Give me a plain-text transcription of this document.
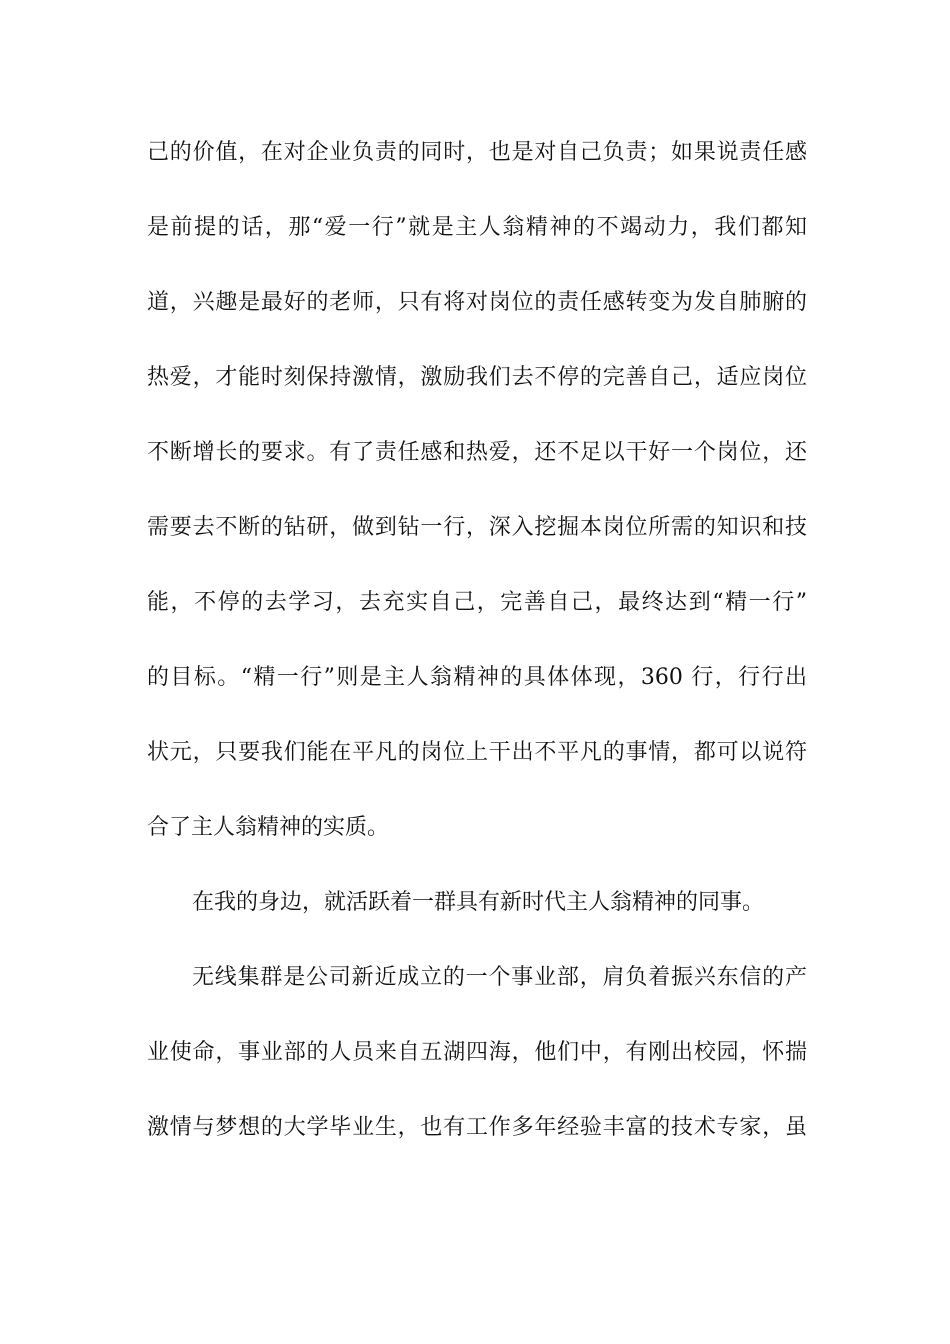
己的价值，在对企业负责的同时，也是对自己负责；如果说责任感
是前提的话，那“爱一行”就是主人翁精神的不竭动力，我们都知
道，兴趣是最好的老师，只有将对岗位的责任感转变为发自肺腑的
热爱，才能时刻保持激情，激励我们去不停的完善自己，适应岗位
不断增长的要求。有了责任感和热爱，还不足以干好一个岗位，还
需要去不断的钻研，做到钻一行，深入挖掘本岗位所需的知识和技
能，不停的去学习，去充实自己，完善自己，最终达到“精一行”
的目标。“精一行”则是主人翁精神的具体体现，360 行，行行出
状元，只要我们能在平凡的岗位上干出不平凡的事情，都可以说符
合了主人翁精神的实质。
在我的身边，就活跃着一群具有新时代主人翁精神的同事。
无线集群是公司新近成立的一个事业部，肩负着振兴东信的产
业使命，事业部的人员来自五湖四海，他们中，有刚出校园，怀揣
激情与梦想的大学毕业生，也有工作多年经验丰富的技术专家，虽
